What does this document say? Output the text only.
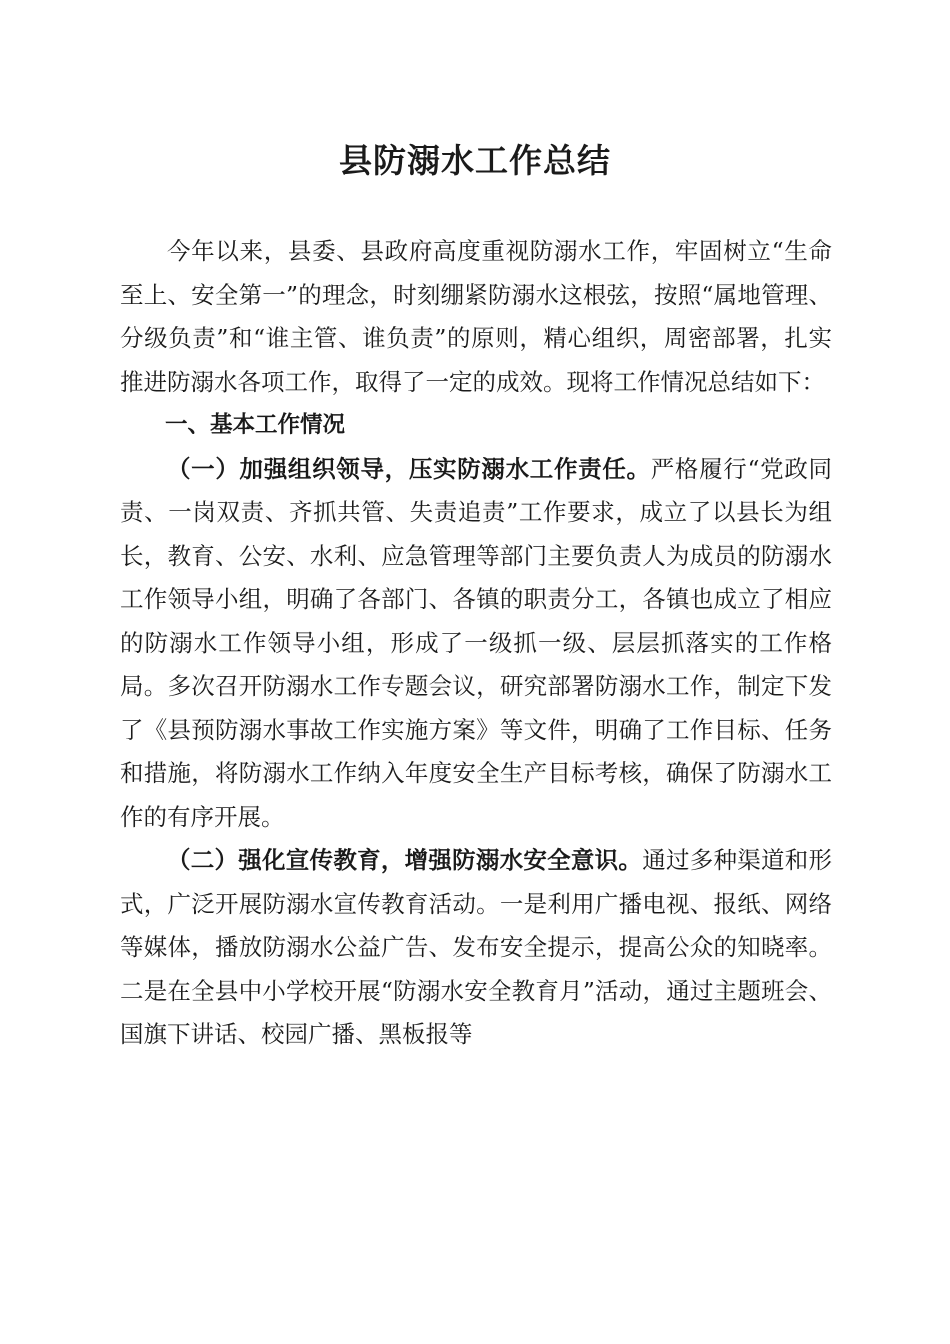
县防溺水工作总结

今年以来，县委、县政府高度重视防溺水工作，牢固树立“生命至上、安全第一”的理念，时刻绷紧防溺水这根弦，按照“属地管理、分级负责”和“谁主管、谁负责”的原则，精心组织，周密部署，扎实推进防溺水各项工作，取得了一定的成效。现将工作情况总结如下：

一、基本工作情况

（一）加强组织领导，压实防溺水工作责任。严格履行“党政同责、一岗双责、齐抓共管、失责追责”工作要求，成立了以县长为组长，教育、公安、水利、应急管理等部门主要负责人为成员的防溺水工作领导小组，明确了各部门、各镇的职责分工，各镇也成立了相应的防溺水工作领导小组，形成了一级抓一级、层层抓落实的工作格局。多次召开防溺水工作专题会议，研究部署防溺水工作，制定下发了《县预防溺水事故工作实施方案》等文件，明确了工作目标、任务和措施，将防溺水工作纳入年度安全生产目标考核，确保了防溺水工作的有序开展。

（二）强化宣传教育，增强防溺水安全意识。通过多种渠道和形式，广泛开展防溺水宣传教育活动。一是利用广播电视、报纸、网络等媒体，播放防溺水公益广告、发布安全提示，提高公众的知晓率。二是在全县中小学校开展“防溺水安全教育月”活动，通过主题班会、国旗下讲话、校园广播、黑板报等
